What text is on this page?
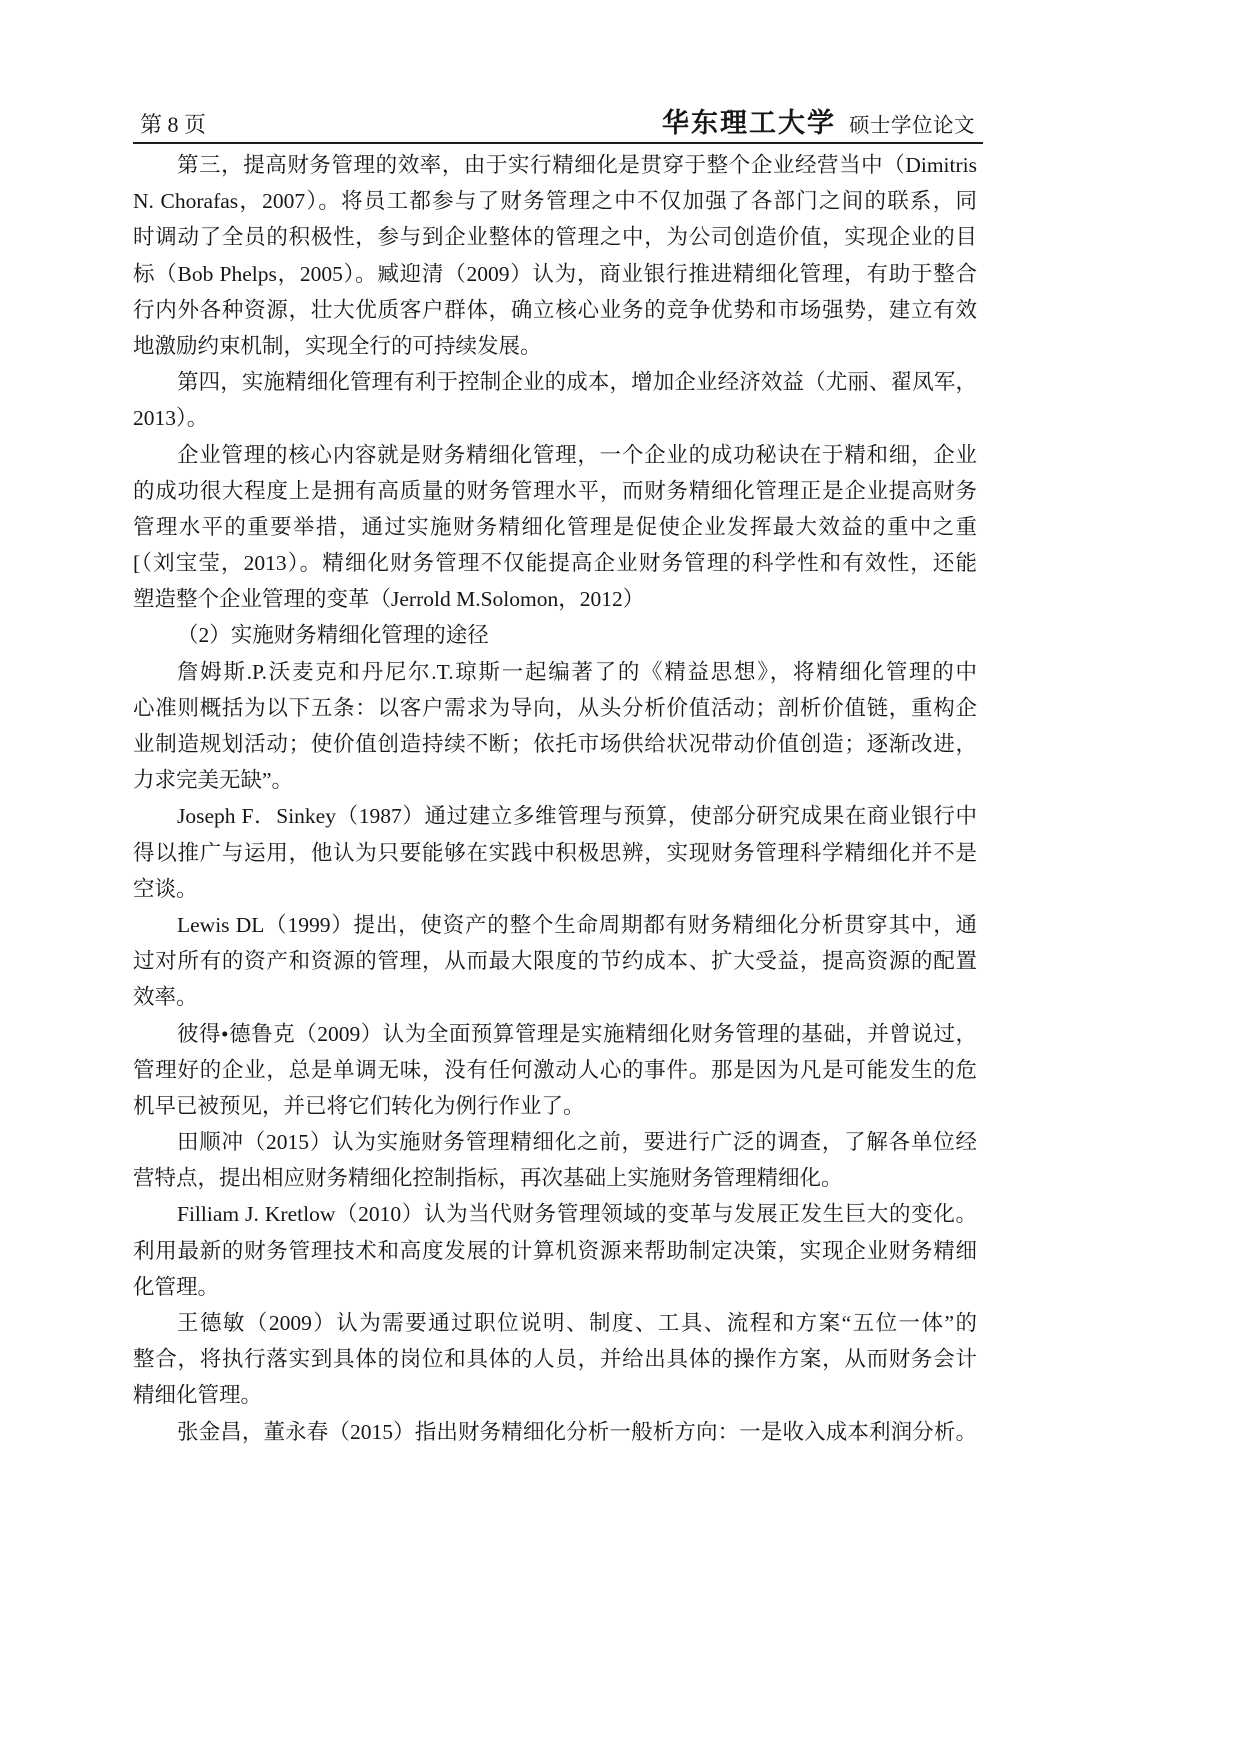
第 8 页	华东理工大学 硕士学位论文
第三，提高财务管理的效率，由于实行精细化是贯穿于整个企业经营当中（Dimitris
N. Chorafas，2007）。将员工都参与了财务管理之中不仅加强了各部门之间的联系，同
时调动了全员的积极性，参与到企业整体的管理之中，为公司创造价值，实现企业的目
标（Bob Phelps，2005）。臧迎清（2009）认为，商业银行推进精细化管理，有助于整合
行内外各种资源，壮大优质客户群体，确立核心业务的竞争优势和市场强势，建立有效
地激励约束机制，实现全行的可持续发展。
第四，实施精细化管理有利于控制企业的成本，增加企业经济效益（尤丽、翟凤军，
2013）。
企业管理的核心内容就是财务精细化管理，一个企业的成功秘诀在于精和细，企业
的成功很大程度上是拥有高质量的财务管理水平，而财务精细化管理正是企业提高财务
管理水平的重要举措，通过实施财务精细化管理是促使企业发挥最大效益的重中之重
[（刘宝莹，2013）。精细化财务管理不仅能提高企业财务管理的科学性和有效性，还能
塑造整个企业管理的变革（Jerrold M.Solomon，2012）
（2）实施财务精细化管理的途径
詹姆斯.P.沃麦克和丹尼尔.T.琼斯一起编著了的《精益思想》，将精细化管理的中
心准则概括为以下五条：以客户需求为导向，从头分析价值活动；剖析价值链，重构企
业制造规划活动；使价值创造持续不断；依托市场供给状况带动价值创造；逐渐改进，
力求完美无缺”。
Joseph F．Sinkey（1987）通过建立多维管理与预算，使部分研究成果在商业银行中
得以推广与运用，他认为只要能够在实践中积极思辨，实现财务管理科学精细化并不是
空谈。
Lewis DL（1999）提出，使资产的整个生命周期都有财务精细化分析贯穿其中，通
过对所有的资产和资源的管理，从而最大限度的节约成本、扩大受益，提高资源的配置
效率。
彼得•德鲁克（2009）认为全面预算管理是实施精细化财务管理的基础，并曾说过，
管理好的企业，总是单调无味，没有任何激动人心的事件。那是因为凡是可能发生的危
机早已被预见，并已将它们转化为例行作业了。
田顺冲（2015）认为实施财务管理精细化之前，要进行广泛的调查，了解各单位经
营特点，提出相应财务精细化控制指标，再次基础上实施财务管理精细化。
Filliam J. Kretlow（2010）认为当代财务管理领域的变革与发展正发生巨大的变化。
利用最新的财务管理技术和高度发展的计算机资源来帮助制定决策，实现企业财务精细
化管理。
王德敏（2009）认为需要通过职位说明、制度、工具、流程和方案“五位一体”的
整合，将执行落实到具体的岗位和具体的人员，并给出具体的操作方案，从而财务会计
精细化管理。
张金昌，董永春（2015）指出财务精细化分析一般析方向：一是收入成本利润分析。
